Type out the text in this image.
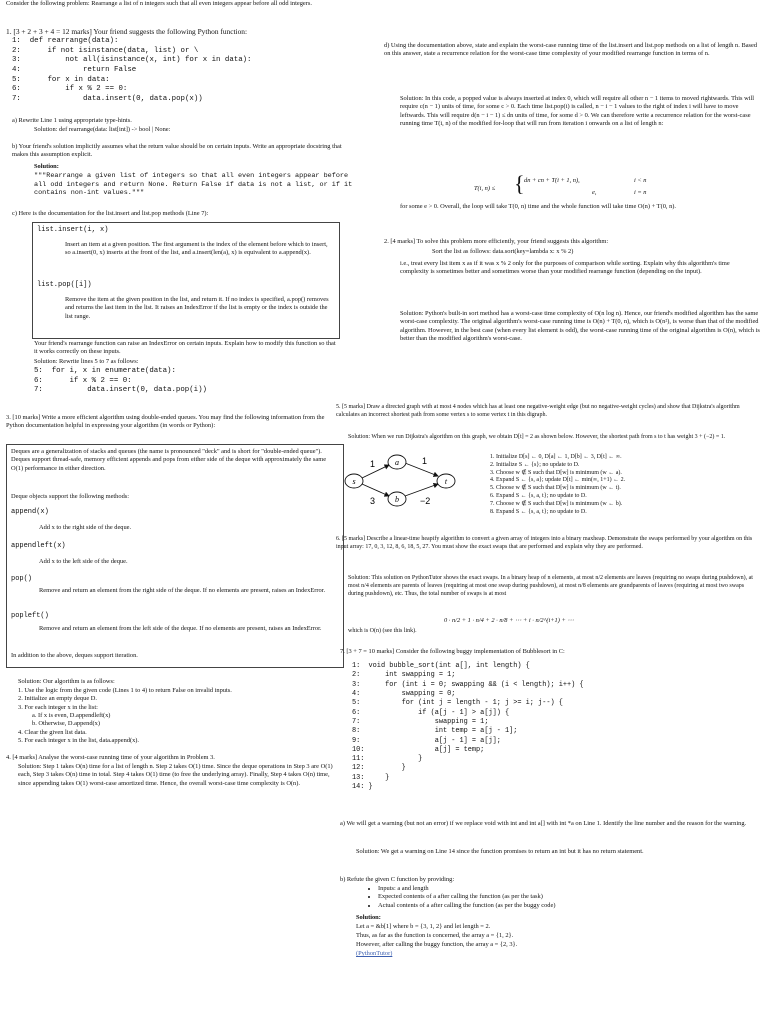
Consider the following problem: Rearrange a list of n integers such that all even integers appear before all odd integers.

1. [3 + 2 + 3 + 4 = 12 marks] Your friend suggests the following Python function:

1:  def rearrange(data):
2:      if not isinstance(data, list) or \
3:          not all(isinstance(x, int) for x in data):
4:              return False
5:      for x in data:
6:          if x % 2 == 0:
7:              data.insert(0, data.pop(x))

a) Rewrite Line 1 using appropriate type-hints.

Solution: def rearrange(data: list[int]) -> bool | None:

b) Your friend's solution implicitly assumes what the return value should be on certain inputs. Write an appropriate docstring that makes this assumption explicit.

Solution:

"""Rearrange a given list of integers so that all even integers appear before all odd integers and return None. Return False if data is not a list, or if it contains non-int values."""

c) Here is the documentation for the list.insert and list.pop methods (Line 7):

list.insert(i, x)

Insert an item at a given position. The first argument is the index of the element before which to insert, so a.insert(0, x) inserts at the front of the list, and a.insert(len(a), x) is equivalent to a.append(x).

list.pop([i])

Remove the item at the given position in the list, and return it. If no index is specified, a.pop() removes and returns the last item in the list. It raises an IndexError if the list is empty or the index is outside the list range.

Your friend's rearrange function can raise an IndexError on certain inputs. Explain how to modify this function so that it works correctly on these inputs.

Solution: Rewrite lines 5 to 7 as follows:

5:  for i, x in enumerate(data):
6:      if x % 2 == 0:
7:          data.insert(0, data.pop(i))

3. [10 marks] Write a more efficient algorithm using double-ended queues. You may find the following information from the Python documentation helpful in expressing your algorithm (in words or Python):

Deques are a generalization of stacks and queues (the name is pronounced "deck" and is short for "double-ended queue"). Deques support thread-safe, memory efficient appends and pops from either side of the deque with approximately the same O(1) performance in either direction.

Deque objects support the following methods:

append(x)

Add x to the right side of the deque.

appendleft(x)

Add x to the left side of the deque.

pop()

Remove and return an element from the right side of the deque. If no elements are present, raises an IndexError.

popleft()

Remove and return an element from the left side of the deque. If no elements are present, raises an IndexError.

In addition to the above, deques support iteration.

Solution: Our algorithm is as follows:

1. Use the logic from the given code (Lines 1 to 4) to return False on invalid inputs.

2. Initialize an empty deque D.

3. For each integer x in the list:

a. If x is even, D.appendleft(x)

b. Otherwise, D.append(x)

4. Clear the given list data.

5. For each integer x in the list, data.append(x).

4. [4 marks] Analyse the worst-case running time of your algorithm in Problem 3.

Solution: Step 1 takes O(n) time for a list of length n. Step 2 takes O(1) time. Since the deque operations in Step 3 are O(1) each, Step 3 takes O(n) time in total. Step 4 takes O(1) time (to free the underlying array). Finally, Step 4 takes O(n) time, since appending takes O(1) worst-case amortized time. Hence, the overall worst-case time complexity is O(n).

d) Using the documentation above, state and explain the worst-case running time of the list.insert and list.pop methods on a list of length n. Based on this answer, state a recurrence relation for the worst-case time complexity of your modified rearrange function in terms of n.

Solution: In this code, a popped value is always inserted at index 0, which will require all other n − 1 items to moved rightwards. This will require c(n − 1) units of time, for some c > 0. Each time list.pop(i) is called, n − i − 1 values to the right of index i will have to move leftwards. This will require d(n − i − 1) ≤ dn units of time, for some d > 0. We can therefore write a recurrence relation for the worst-case running time T(i, n) of the modified for-loop that will run from iteration i onwards on a list of length n:

T(i, n) ≤ { dn + cn + T(i + 1, n),	i < n
e,	i = n

for some e > 0. Overall, the loop will take T(0, n) time and the whole function will take time O(n) + T(0, n).

2. [4 marks] To solve this problem more efficiently, your friend suggests this algorithm:

Sort the list as follows: data.sort(key=lambda x: x % 2)

i.e., treat every list item x as if it was x % 2 only for the purposes of comparison while sorting. Explain why this algorithm's time complexity is sometimes better and sometimes worse than your modified rearrange function (depending on the input).

Solution: Python's built-in sort method has a worst-case time complexity of O(n log n). Hence, our friend's modified algorithm has the same worst-case complexity. The original algorithm's worst-case running time is O(n) + T(0, n), which is O(n²), is worse than that of the modified algorithm. However, in the best case (when every list element is odd), the worst-case running time of the original algorithm is O(n), which is better than the modified algorithm's worst-case.

5. [5 marks] Draw a directed graph with at most 4 nodes which has at least one negative-weight edge (but no negative-weight cycles) and show that Dijkstra's algorithm calculates an incorrect shortest path from some vertex s to some vertex t in this digraph.

Solution: When we run Dijkstra's algorithm on this graph, we obtain D[t] = 2 as shown below. However, the shortest path from s to t has weight 3 + (−2) = 1.

s
a
b
t
1	1
3	−2

1. Initialize D[s] ← 0, D[a] ← 1, D[b] ← 3, D[t] ← ∞.

2. Initialize S ← {s}; no update to D.

3. Choose w ∉ S such that D[w] is minimum (w ← a).

4. Expand S ← {s, a}; update D[t] ← min(∞, 1+1) ← 2.

5. Choose w ∉ S such that D[w] is minimum (w ← t).

6. Expand S ← {s, a, t}; no update to D.

7. Choose w ∉ S such that D[w] is minimum (w ← b).

8. Expand S ← {s, a, t}; no update to D.

6. [5 marks] Describe a linear-time heapify algorithm to convert a given array of integers into a binary maxheap. Demonstrate the swaps performed by your algorithm on this input array: 17, 0, 3, 12, 8, 6, 18, 5, 27. You must show the exact swaps that are performed and explain why they are performed.

Solution: This solution on PythonTutor shows the exact swaps. In a binary heap of n elements, at most n/2 elements are leaves (requiring no swaps during pushdown), at most n/4 elements are parents of leaves (requiring at most one swap during pushdown), at most n/8 elements are grandparents of leaves (requiring at most two swaps during pushdown), etc. Thus, the total number of swaps is at most

0 · n/2 + 1 · n/4 + 2 · n/8 + ⋯ + i · n/2^(i+1) + ⋯

which is O(n) (see this link).

7. [3 + 7 = 10 marks] Consider the following buggy implementation of Bubblesort in C:

1:  void bubble_sort(int a[], int length) {
2:      int swapping = 1;
3:      for (int i = 0; swapping && (i < length); i++) {
4:          swapping = 0;
5:          for (int j = length - 1; j >= i; j--) {
6:              if (a[j - 1] > a[j]) {
7:                  swapping = 1;
8:                  int temp = a[j - 1];
9:                  a[j - 1] = a[j];
10:                 a[j] = temp;
11:             }
12:         }
13:     }
14: }

a) We will get a warning (but not an error) if we replace void with int and int a[] with int *a on Line 1. Identify the line number and the reason for the warning.

Solution: We get a warning on Line 14 since the function promises to return an int but it has no return statement.

b) Refute the given C function by providing:

• Inputs: a and length
• Expected contents of a after calling the function (as per the task)
• Actual contents of a after calling the function (as per the buggy code)

Solution:

Let a = &b[1] where b = {3, 1, 2} and let length = 2.

Thus, as far as the function is concerned, the array a = {1, 2}.

However, after calling the buggy function, the array a = {2, 3}.

(PythonTutor)
